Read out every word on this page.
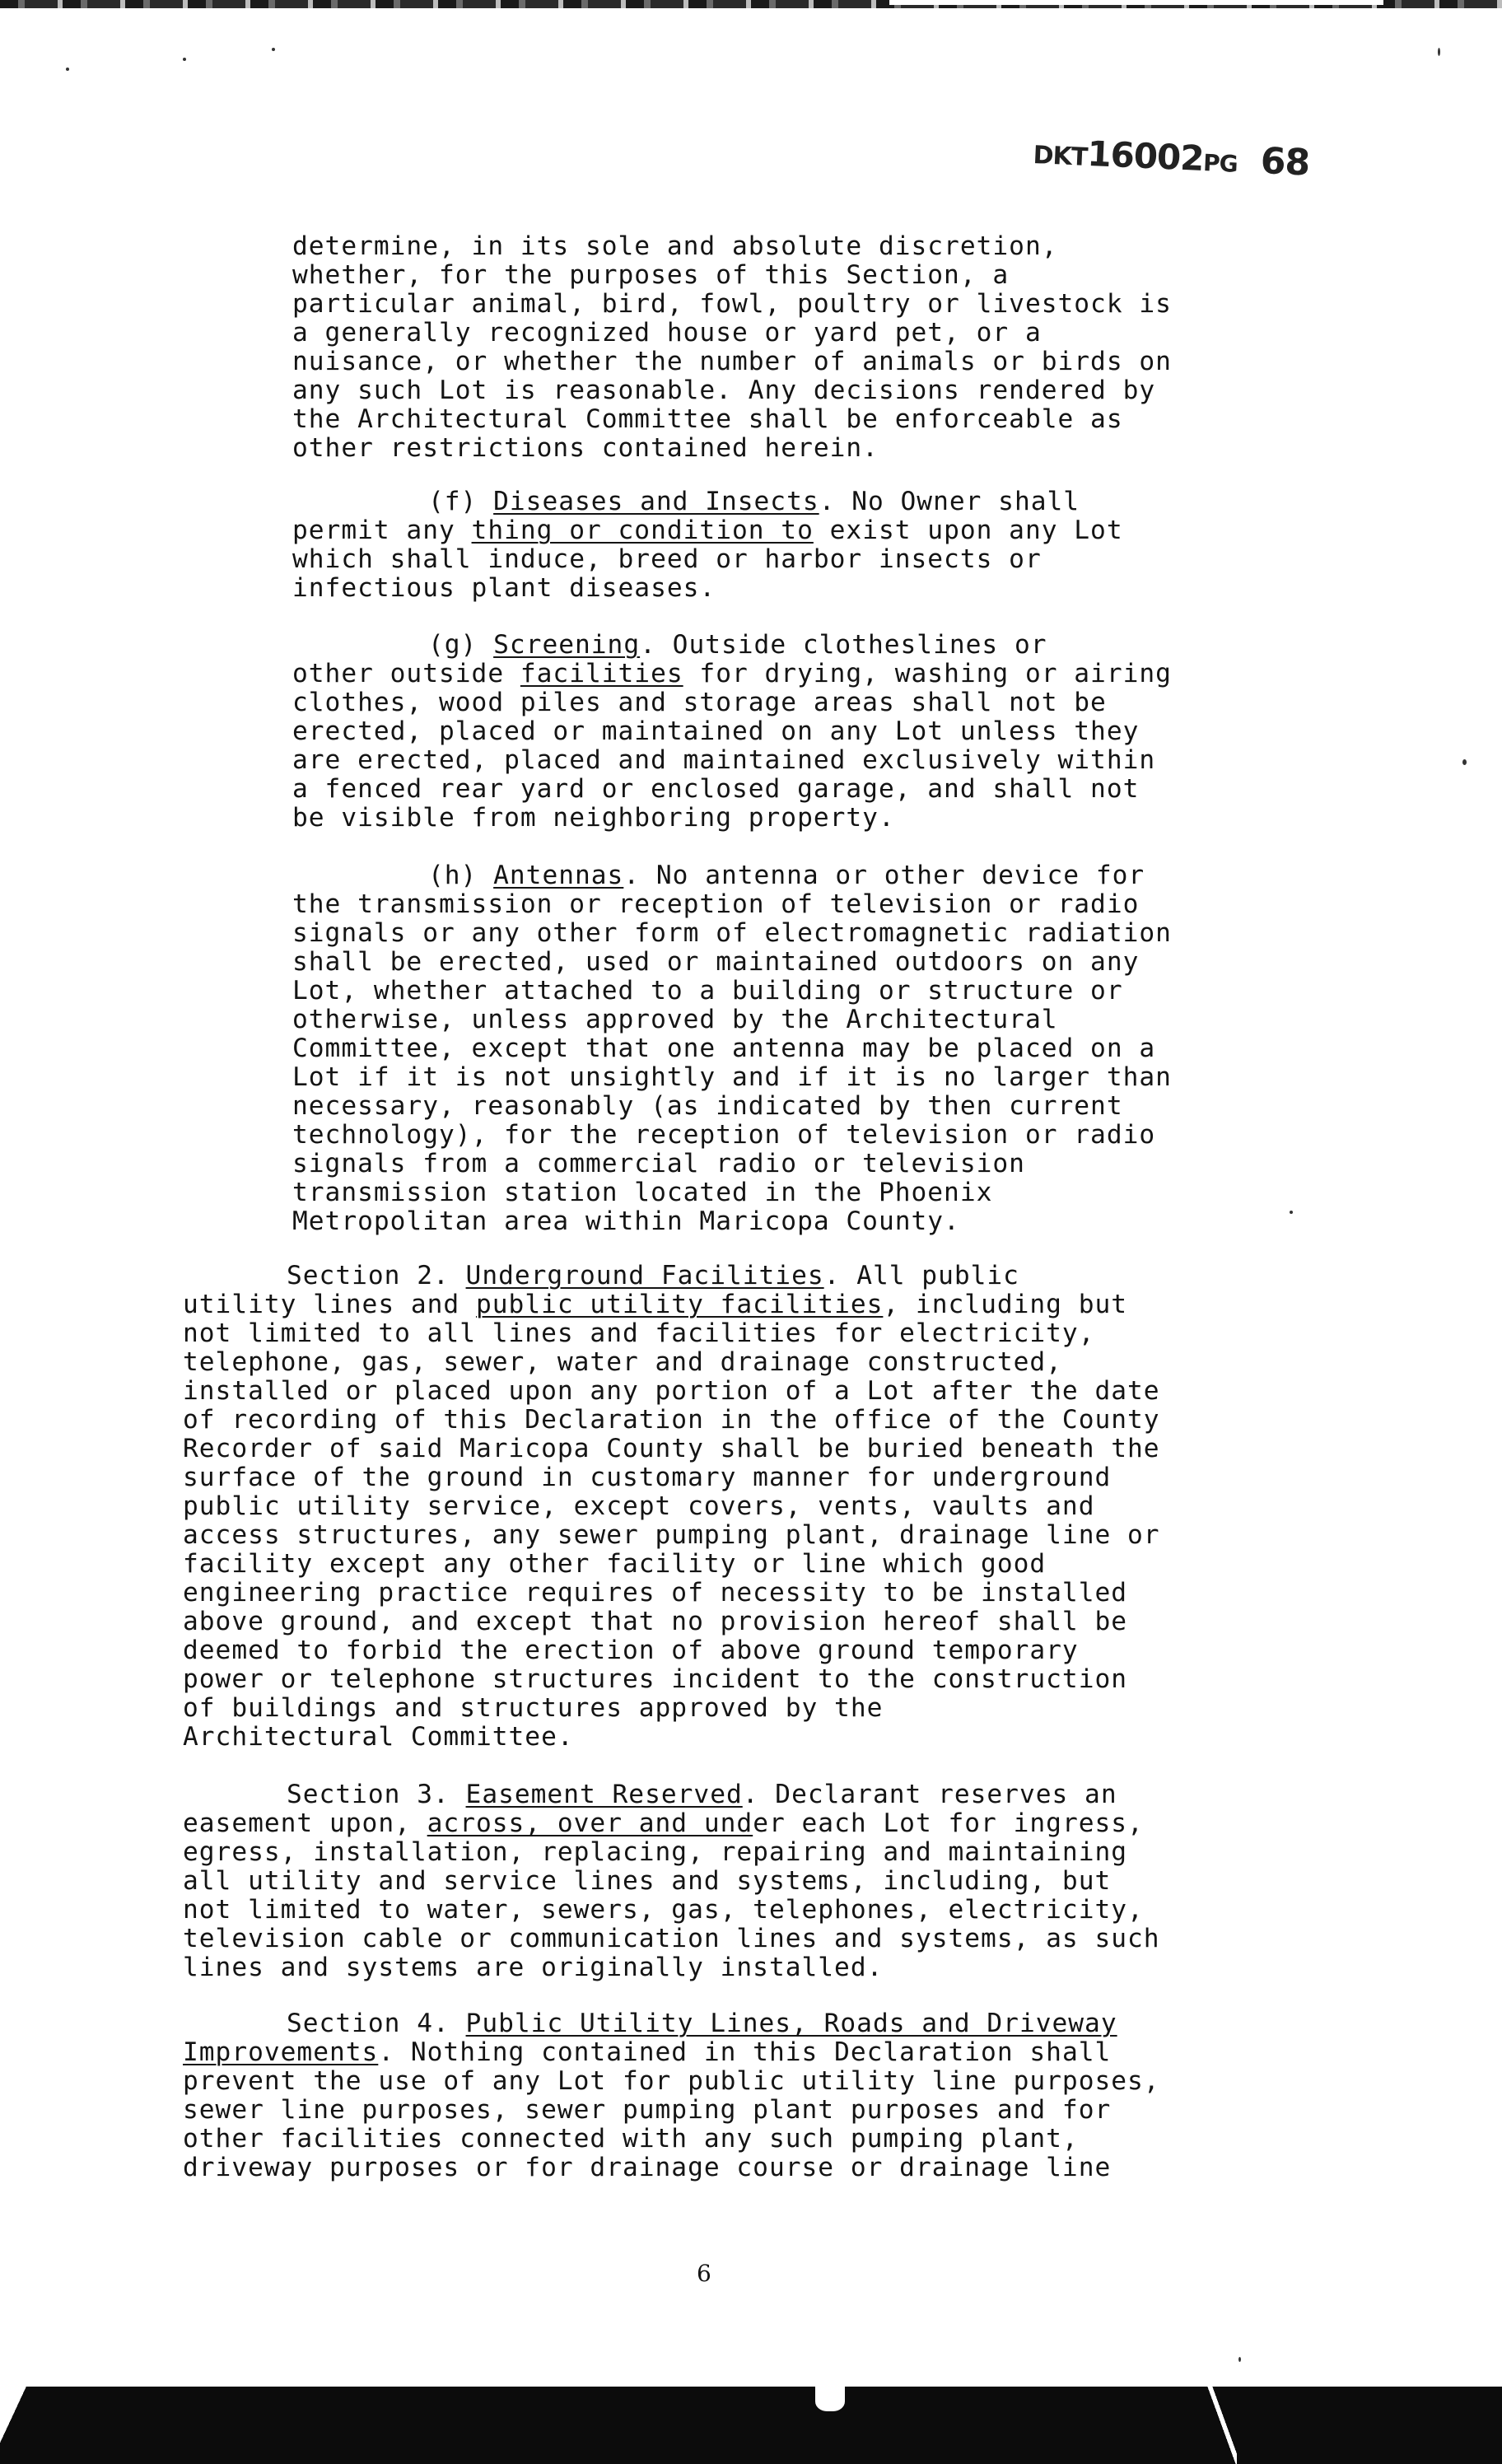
DKT16002PG 68

determine, in its sole and absolute discretion,

whether, for the purposes of this Section, a

particular animal, bird, fowl, poultry or livestock is

a generally recognized house or yard pet, or a

nuisance, or whether the number of animals or birds on

any such Lot is reasonable. Any decisions rendered by

the Architectural Committee shall be enforceable as

other restrictions contained herein.

(f) Diseases and Insects. No Owner shall

permit any thing or condition to exist upon any Lot

which shall induce, breed or harbor insects or

infectious plant diseases.

(g) Screening. Outside clotheslines or

other outside facilities for drying, washing or airing

clothes, wood piles and storage areas shall not be

erected, placed or maintained on any Lot unless they

are erected, placed and maintained exclusively within

a fenced rear yard or enclosed garage, and shall not

be visible from neighboring property.

(h) Antennas. No antenna or other device for

the transmission or reception of television or radio

signals or any other form of electromagnetic radiation

shall be erected, used or maintained outdoors on any

Lot, whether attached to a building or structure or

otherwise, unless approved by the Architectural

Committee, except that one antenna may be placed on a

Lot if it is not unsightly and if it is no larger than

necessary, reasonably (as indicated by then current

technology), for the reception of television or radio

signals from a commercial radio or television

transmission station located in the Phoenix

Metropolitan area within Maricopa County.

Section 2. Underground Facilities. All public

utility lines and public utility facilities, including but

not limited to all lines and facilities for electricity,

telephone, gas, sewer, water and drainage constructed,

installed or placed upon any portion of a Lot after the date

of recording of this Declaration in the office of the County

Recorder of said Maricopa County shall be buried beneath the

surface of the ground in customary manner for underground

public utility service, except covers, vents, vaults and

access structures, any sewer pumping plant, drainage line or

facility except any other facility or line which good

engineering practice requires of necessity to be installed

above ground, and except that no provision hereof shall be

deemed to forbid the erection of above ground temporary

power or telephone structures incident to the construction

of buildings and structures approved by the

Architectural Committee.

Section 3. Easement Reserved. Declarant reserves an

easement upon, across, over and under each Lot for ingress,

egress, installation, replacing, repairing and maintaining

all utility and service lines and systems, including, but

not limited to water, sewers, gas, telephones, electricity,

television cable or communication lines and systems, as such

lines and systems are originally installed.

Section 4. Public Utility Lines, Roads and Driveway

Improvements. Nothing contained in this Declaration shall

prevent the use of any Lot for public utility line purposes,

sewer line purposes, sewer pumping plant purposes and for

other facilities connected with any such pumping plant,

driveway purposes or for drainage course or drainage line

6
